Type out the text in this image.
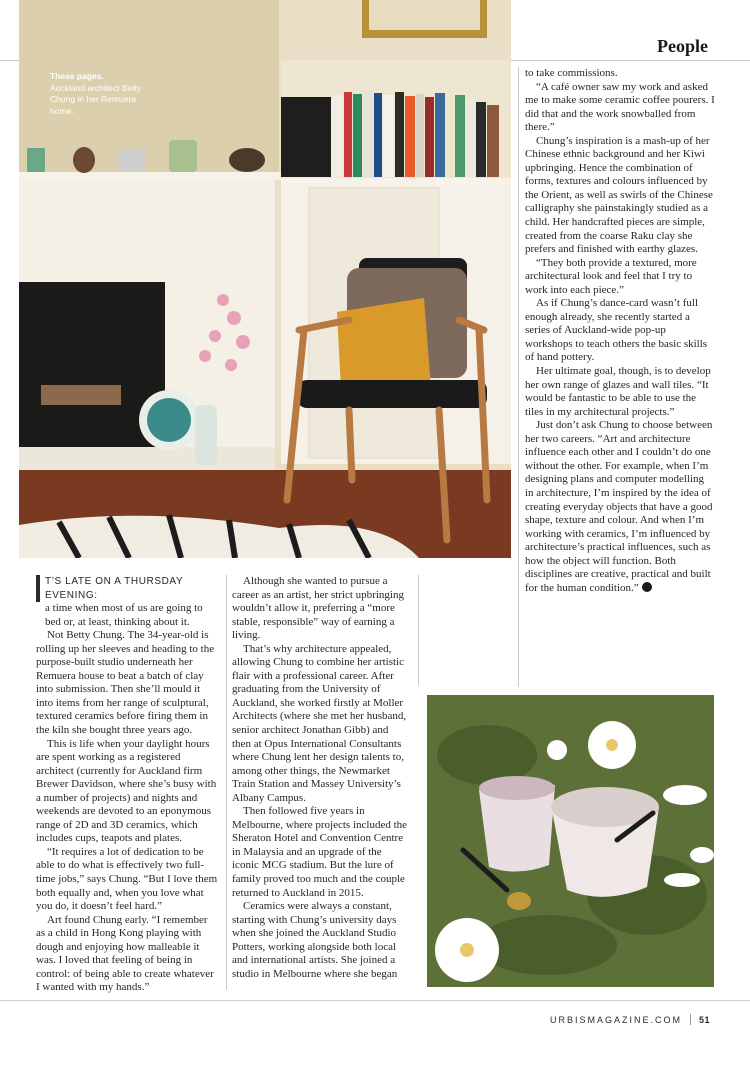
People
These pages.
Auckland architect Betty Chung in her Remuera home.

T’S LATE ON A THURSDAY EVENING:
a time when most of us are going to bed or, at least, thinking about it.

Not Betty Chung. The 34-year-old is rolling up her sleeves and heading to the purpose-built studio underneath her Remuera house to beat a batch of clay into submission. Then she’ll mould it into items from her range of sculptural, textured ceramics before firing them in the kiln she bought three years ago.

This is life when your daylight hours are spent working as a registered architect (currently for Auckland firm Brewer Davidson, where she’s busy with a number of projects) and nights and weekends are devoted to an eponymous range of 2D and 3D ceramics, which includes cups, teapots and plates.

“It requires a lot of dedication to be able to do what is effectively two full-time jobs,” says Chung. “But I love them both equally and, when you love what you do, it doesn’t feel hard.”

Art found Chung early. “I remember as a child in Hong Kong playing with dough and enjoying how malleable it was. I loved that feeling of being in control: of being able to create whatever I wanted with my hands.”

Although she wanted to pursue a career as an artist, her strict upbringing wouldn’t allow it, preferring a “more stable, responsible” way of earning a living.

That’s why architecture appealed, allowing Chung to combine her artistic flair with a professional career. After graduating from the University of Auckland, she worked firstly at Moller Architects (where she met her husband, senior architect Jonathan Gibb) and then at Opus International Consultants where Chung lent her design talents to, among other things, the Newmarket Train Station and Massey University’s Albany Campus.

Then followed five years in Melbourne, where projects included the Sheraton Hotel and Convention Centre in Malaysia and an upgrade of the iconic MCG stadium. But the lure of family proved too much and the couple returned to Auckland in 2015.

Ceramics were always a constant, starting with Chung’s university days when she joined the Auckland Studio Potters, working alongside both local and international artists. She joined a studio in Melbourne where she began

to take commissions.

“A café owner saw my work and asked me to make some ceramic coffee pourers. I did that and the work snowballed from there.”

Chung’s inspiration is a mash-up of her Chinese ethnic background and her Kiwi upbringing. Hence the combination of forms, textures and colours influenced by the Orient, as well as swirls of the Chinese calligraphy she painstakingly studied as a child. Her handcrafted pieces are simple, created from the coarse Raku clay she prefers and finished with earthy glazes.

“They both provide a textured, more architectural look and feel that I try to work into each piece.”

As if Chung’s dance-card wasn’t full enough already, she recently started a series of Auckland-wide pop-up workshops to teach others the basic skills of hand pottery.

Her ultimate goal, though, is to develop her own range of glazes and wall tiles. “It would be fantastic to be able to use the tiles in my architectural projects.”

Just don’t ask Chung to choose between her two careers. “Art and architecture influence each other and I couldn’t do one without the other. For example, when I’m designing plans and computer modelling in architecture, I’m inspired by the idea of creating everyday objects that have a good shape, texture and colour. And when I’m working with ceramics, I’m influenced by architecture’s practical influences, such as how the object will function. Both disciplines are creative, practical and built for the human condition.”

URBISMAGAZINE.COM 51
